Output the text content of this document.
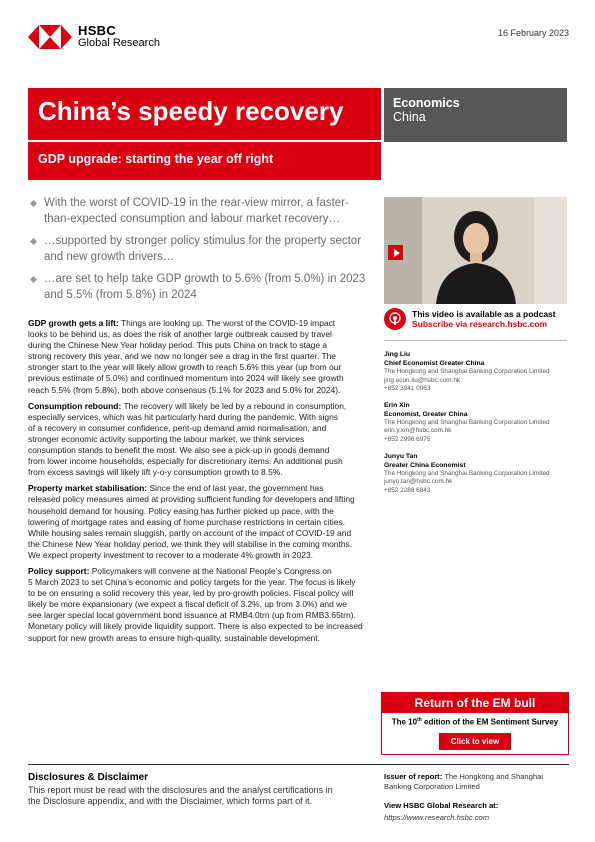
HSBC
Global Research
16 February 2023
China’s speedy recovery
GDP upgrade: starting the year off right
Economics
China
With the worst of COVID-19 in the rear-view mirror, a faster-than-expected consumption and labour market recovery…
…supported by stronger policy stimulus for the property sector and new growth drivers…
…are set to help take GDP growth to 5.6% (from 5.0%) in 2023 and 5.5% (from 5.8%) in 2024
This video is available as a podcast
Subscribe via research.hsbc.com
Jing Liu
Chief Economist Greater China
The Hongkong and Shanghai Banking Corporation Limited
jing.econ.liu@hsbc.com.hk
+852 3941 0063
Erin Xin
Economist, Greater China
The Hongkong and Shanghai Banking Corporation Limited
erin.y.xin@hsbc.com.hk
+852 2996 6975
Junyu Tan
Greater China Economist
The Hongkong and Shanghai Banking Corporation Limited
junyu.tan@hsbc.com.hk
+852 2288 6843

GDP growth gets a lift: Things are looking up. The worst of the COVID-19 impact
looks to be behind us, as does the risk of another large outbreak caused by travel
during the Chinese New Year holiday period. This puts China on track to stage a
strong recovery this year, and we now no longer see a drag in the first quarter. The
stronger start to the year will likely allow growth to reach 5.6% this year (up from our
previous estimate of 5.0%) and continued momentum into 2024 will likely see growth
reach 5.5% (from 5.8%), both above consensus (5.1% for 2023 and 5.0% for 2024).

Consumption rebound: The recovery will likely be led by a rebound in consumption,
especially services, which was hit particularly hard during the pandemic. With signs
of a recovery in consumer confidence, pent-up demand amid normalisation, and
stronger economic activity supporting the labour market, we think services
consumption stands to benefit the most. We also see a pick-up in goods demand
from lower income households, especially for discretionary items. An additional push
from excess savings will likely lift y-o-y consumption growth to 8.5%.

Property market stabilisation: Since the end of last year, the government has
released policy measures aimed at providing sufficient funding for developers and lifting
household demand for housing. Policy easing has further picked up pace, with the
lowering of mortgage rates and easing of home purchase restrictions in certain cities.
While housing sales remain sluggish, partly on account of the impact of COVID-19 and
the Chinese New Year holiday period, we think they will stabilise in the coming months.
We expect property investment to recover to a moderate 4% growth in 2023.

Policy support: Policymakers will convene at the National People’s Congress on
5 March 2023 to set China’s economic and policy targets for the year. The focus is likely
to be on ensuring a solid recovery this year, led by pro-growth policies. Fiscal policy will
likely be more expansionary (we expect a fiscal deficit of 3.2%, up from 3.0%) and we
see larger special local government bond issuance at RMB4.0trn (up from RMB3.65trn).
Monetary policy will likely provide liquidity support. There is also expected to be increased
support for new growth areas to ensure high-quality, sustainable development.

Return of the EM bull
The 10th edition of the EM Sentiment Survey
Click to view
Disclosures & Disclaimer
This report must be read with the disclosures and the analyst certifications in
the Disclosure appendix, and with the Disclaimer, which forms part of it.
Issuer of report: The Hongkong and Shanghai Banking Corporation Limited
View HSBC Global Research at:
https://www.research.hsbc.com
